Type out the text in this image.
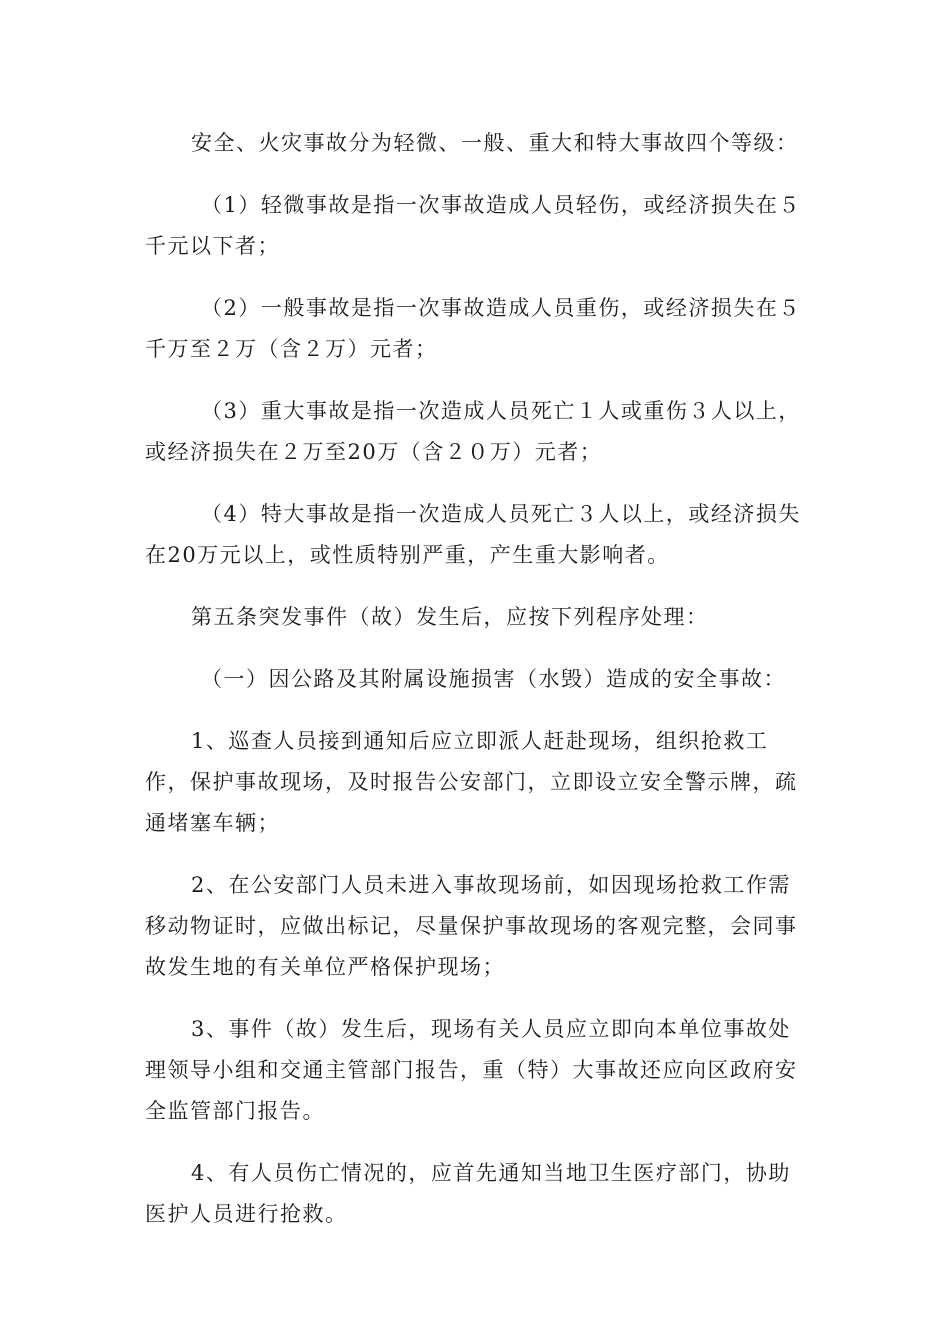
安全、火灾事故分为轻微、一般、重大和特大事故四个等级：

（1）轻微事故是指一次事故造成人员轻伤，或经济损失在５千元以下者；

（2）一般事故是指一次事故造成人员重伤，或经济损失在５千万至２万（含２万）元者；

（3）重大事故是指一次造成人员死亡１人或重伤３人以上，或经济损失在２万至20万（含２０万）元者；

（4）特大事故是指一次造成人员死亡３人以上，或经济损失在20万元以上，或性质特别严重，产生重大影响者。

第五条突发事件（故）发生后，应按下列程序处理：

（一）因公路及其附属设施损害（水毁）造成的安全事故：

1、巡查人员接到通知后应立即派人赶赴现场，组织抢救工作，保护事故现场，及时报告公安部门，立即设立安全警示牌，疏通堵塞车辆；

2、在公安部门人员未进入事故现场前，如因现场抢救工作需移动物证时，应做出标记，尽量保护事故现场的客观完整，会同事故发生地的有关单位严格保护现场；

3、事件（故）发生后，现场有关人员应立即向本单位事故处理领导小组和交通主管部门报告，重（特）大事故还应向区政府安全监管部门报告。

4、有人员伤亡情况的，应首先通知当地卫生医疗部门，协助医护人员进行抢救。
